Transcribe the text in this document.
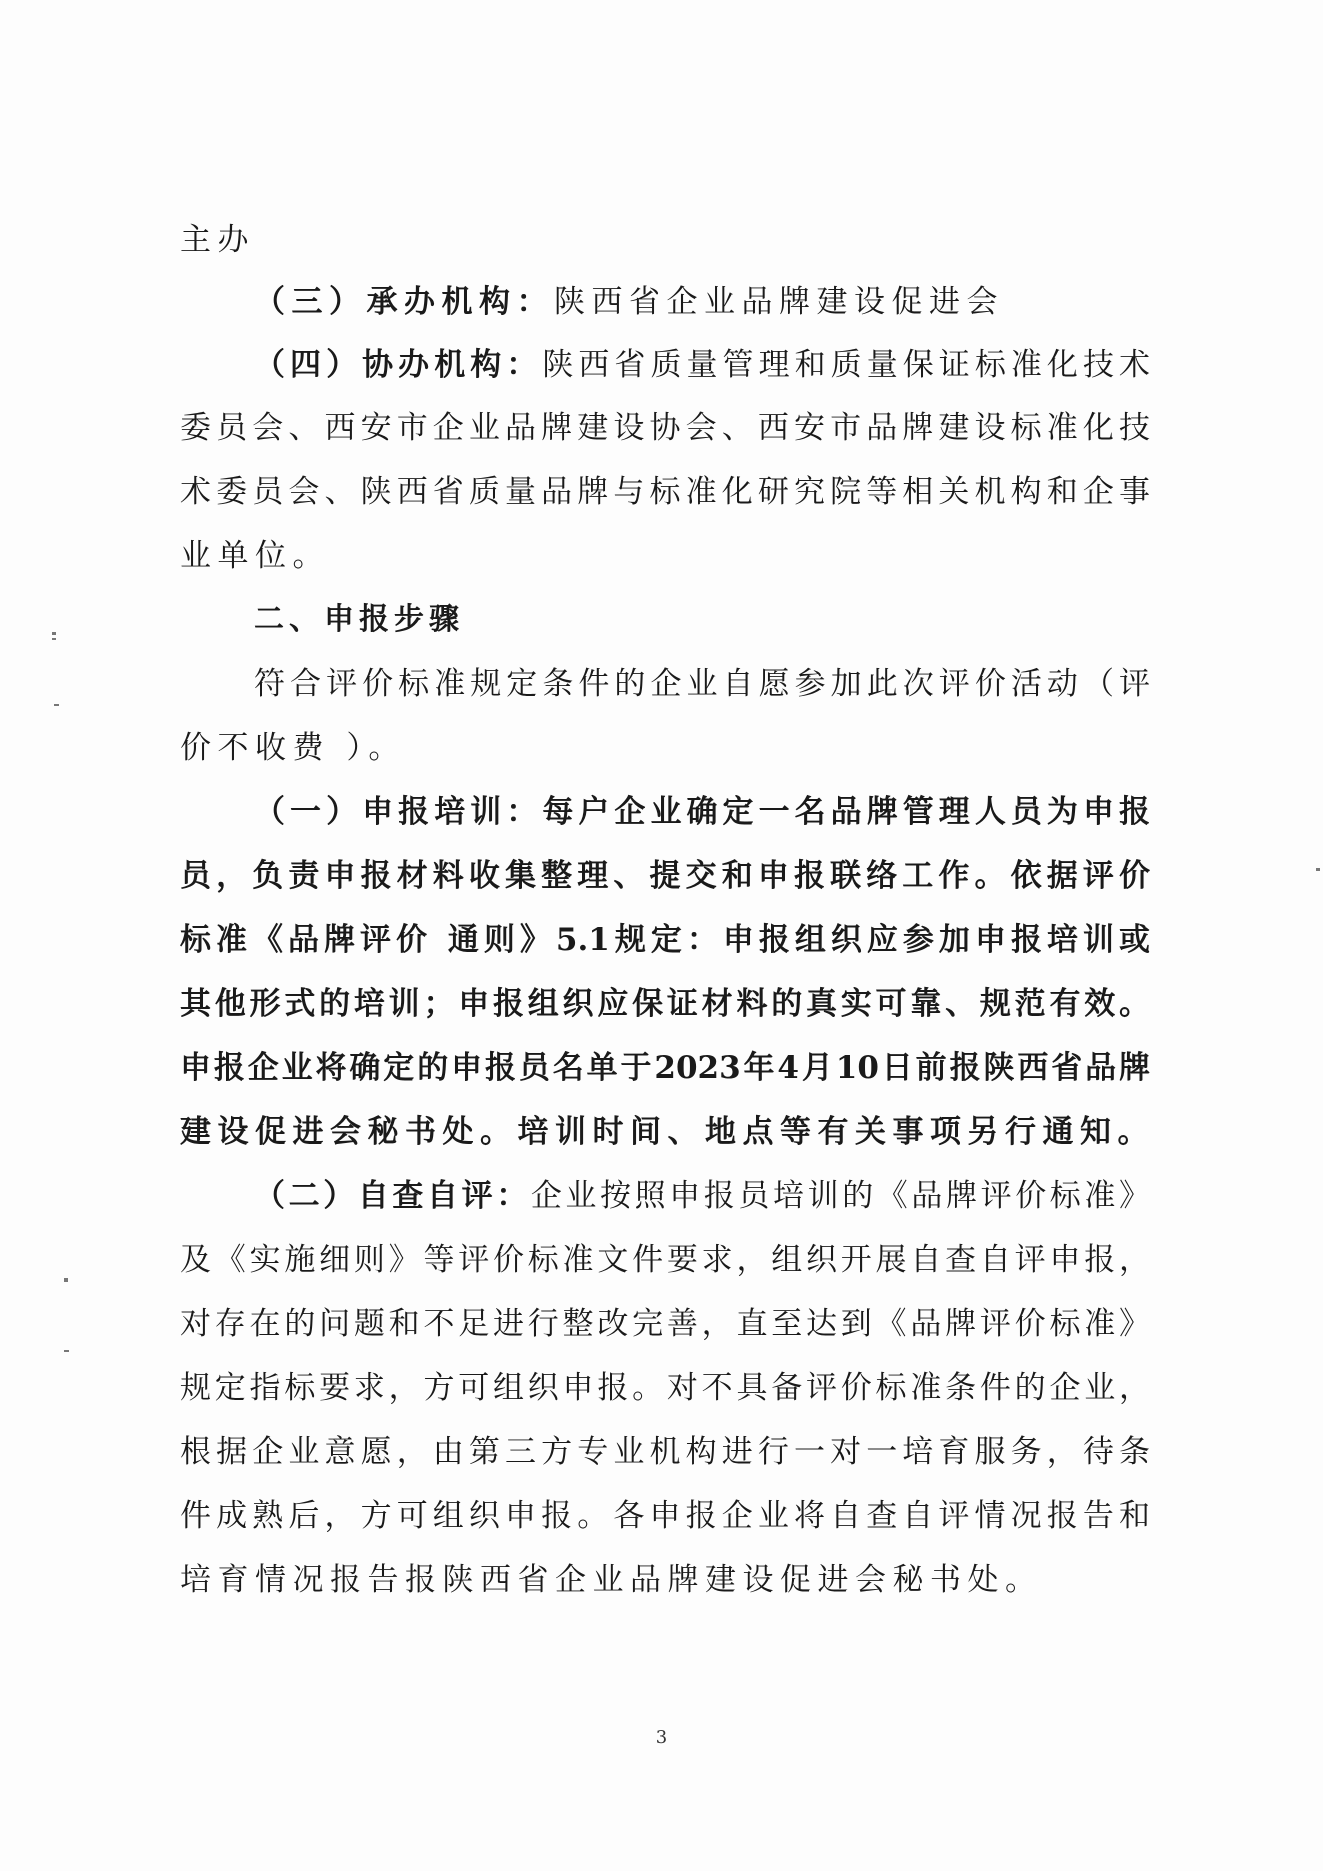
主办
（三）承办机构：陕西省企业品牌建设促进会
（四）协办机构：陕西省质量管理和质量保证标准化技术
委员会、西安市企业品牌建设协会、西安市品牌建设标准化技
术委员会、陕西省质量品牌与标准化研究院等相关机构和企事
业单位。
二、申报步骤
符合评价标准规定条件的企业自愿参加此次评价活动（评
价不收费 ）。
（一）申报培训：每户企业确定一名品牌管理人员为申报
员，负责申报材料收集整理、提交和申报联络工作。依据评价
标准《品牌评价 通则》5.1规定：申报组织应参加申报培训或
其他形式的培训；申报组织应保证材料的真实可靠、规范有效。
申报企业将确定的申报员名单于2023年4月10日前报陕西省品牌
建设促进会秘书处。培训时间、地点等有关事项另行通知。
（二）自查自评：企业按照申报员培训的《品牌评价标准》
及《实施细则》等评价标准文件要求，组织开展自查自评申报，
对存在的问题和不足进行整改完善，直至达到《品牌评价标准》
规定指标要求，方可组织申报。对不具备评价标准条件的企业，
根据企业意愿，由第三方专业机构进行一对一培育服务，待条
件成熟后，方可组织申报。各申报企业将自查自评情况报告和
培育情况报告报陕西省企业品牌建设促进会秘书处。
3
